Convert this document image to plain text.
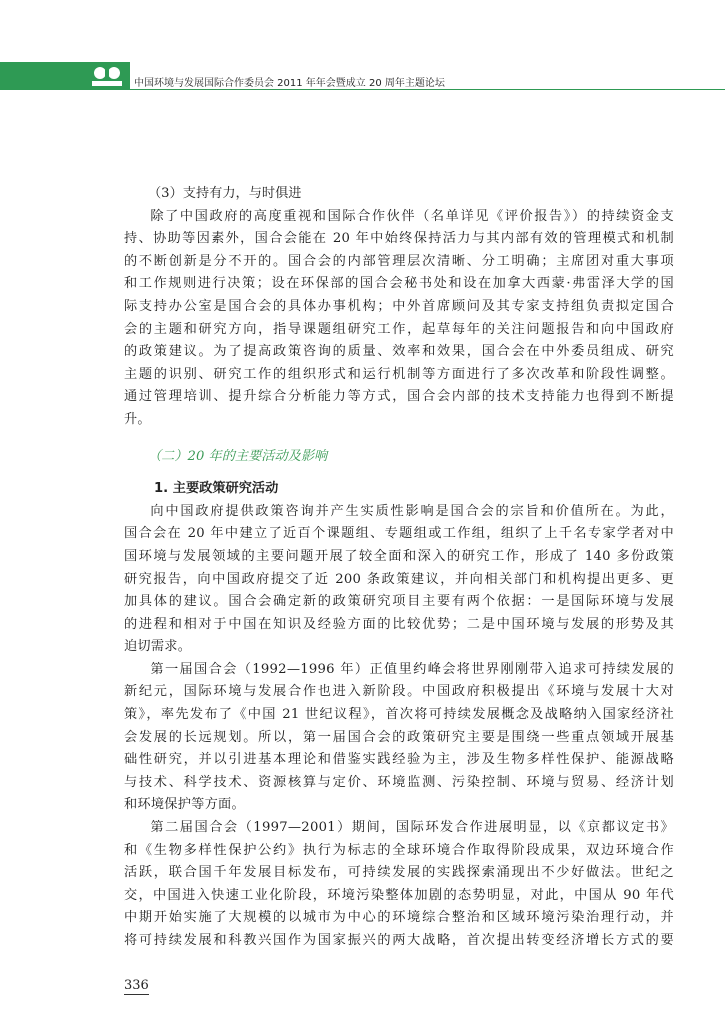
中国环境与发展国际合作委员会 2011 年年会暨成立 20 周年主题论坛
（3）支持有力，与时俱进

除了中国政府的高度重视和国际合作伙伴（名单详见《评价报告》）的持续资金支

持、协助等因素外，国合会能在 20 年中始终保持活力与其内部有效的管理模式和机制

的不断创新是分不开的。国合会的内部管理层次清晰、分工明确；主席团对重大事项

和工作规则进行决策；设在环保部的国合会秘书处和设在加拿大西蒙·弗雷泽大学的国

际支持办公室是国合会的具体办事机构；中外首席顾问及其专家支持组负责拟定国合

会的主题和研究方向，指导课题组研究工作，起草每年的关注问题报告和向中国政府

的政策建议。为了提高政策咨询的质量、效率和效果，国合会在中外委员组成、研究

主题的识别、研究工作的组织形式和运行机制等方面进行了多次改革和阶段性调整。

通过管理培训、提升综合分析能力等方式，国合会内部的技术支持能力也得到不断提

升。

（二）20 年的主要活动及影响
1. 主要政策研究活动

向中国政府提供政策咨询并产生实质性影响是国合会的宗旨和价值所在。为此，

国合会在 20 年中建立了近百个课题组、专题组或工作组，组织了上千名专家学者对中

国环境与发展领域的主要问题开展了较全面和深入的研究工作，形成了 140 多份政策

研究报告，向中国政府提交了近 200 条政策建议，并向相关部门和机构提出更多、更

加具体的建议。国合会确定新的政策研究项目主要有两个依据：一是国际环境与发展

的进程和相对于中国在知识及经验方面的比较优势；二是中国环境与发展的形势及其

迫切需求。

第一届国合会（1992—1996 年）正值里约峰会将世界刚刚带入追求可持续发展的

新纪元，国际环境与发展合作也进入新阶段。中国政府积极提出《环境与发展十大对

策》，率先发布了《中国 21 世纪议程》，首次将可持续发展概念及战略纳入国家经济社

会发展的长远规划。所以，第一届国合会的政策研究主要是围绕一些重点领域开展基

础性研究，并以引进基本理论和借鉴实践经验为主，涉及生物多样性保护、能源战略

与技术、科学技术、资源核算与定价、环境监测、污染控制、环境与贸易、经济计划

和环境保护等方面。

第二届国合会（1997—2001）期间，国际环发合作进展明显，以《京都议定书》

和《生物多样性保护公约》执行为标志的全球环境合作取得阶段成果，双边环境合作

活跃，联合国千年发展目标发布，可持续发展的实践探索涌现出不少好做法。世纪之

交，中国进入快速工业化阶段，环境污染整体加剧的态势明显，对此，中国从 90 年代

中期开始实施了大规模的以城市为中心的环境综合整治和区域环境污染治理行动，并

将可持续发展和科教兴国作为国家振兴的两大战略，首次提出转变经济增长方式的要

336
